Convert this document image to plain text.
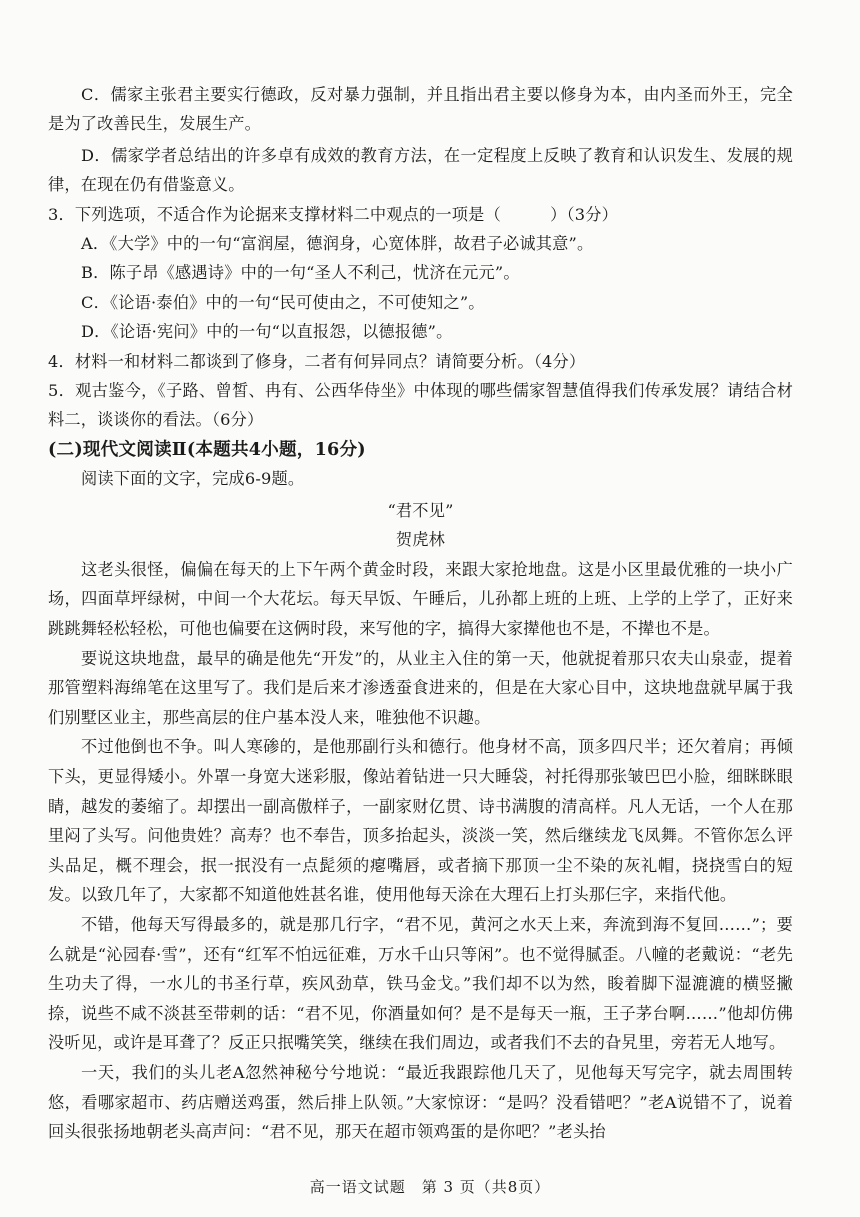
C．儒家主张君主要实行德政，反对暴力强制，并且指出君主要以修身为本，由内圣而外王，完全是为了改善民生，发展生产。

D．儒家学者总结出的许多卓有成效的教育方法，在一定程度上反映了教育和认识发生、发展的规律，在现在仍有借鉴意义。

3．下列选项，不适合作为论据来支撑材料二中观点的一项是（　　　）（3分）

A．《大学》中的一句“富润屋，德润身，心宽体胖，故君子必诚其意”。

B．陈子昂《感遇诗》中的一句“圣人不利己，忧济在元元”。

C．《论语·泰伯》中的一句“民可使由之，不可使知之”。

D．《论语·宪问》中的一句“以直报怨，以德报德”。

4．材料一和材料二都谈到了修身，二者有何异同点？请简要分析。（4分）

5．观古鉴今，《子路、曾皙、冉有、公西华侍坐》中体现的哪些儒家智慧值得我们传承发展？请结合材料二，谈谈你的看法。（6分）

(二)现代文阅读Ⅱ(本题共4小题，16分)

阅读下面的文字，完成6-9题。

“君不见”

贺虎林

这老头很怪，偏偏在每天的上下午两个黄金时段，来跟大家抢地盘。这是小区里最优雅的一块小广场，四面草坪绿树，中间一个大花坛。每天早饭、午睡后，儿孙都上班的上班、上学的上学了，正好来跳跳舞轻松轻松，可他也偏要在这俩时段，来写他的字，搞得大家撵他也不是，不撵也不是。

要说这块地盘，最早的确是他先“开发”的，从业主入住的第一天，他就捉着那只农夫山泉壶，提着那管塑料海绵笔在这里写了。我们是后来才渗透蚕食进来的，但是在大家心目中，这块地盘就早属于我们别墅区业主，那些高层的住户基本没人来，唯独他不识趣。

不过他倒也不争。叫人寒碜的，是他那副行头和德行。他身材不高，顶多四尺半；还欠着肩；再倾下头，更显得矮小。外罩一身宽大迷彩服，像站着钻进一只大睡袋，衬托得那张皱巴巴小脸，细眯眯眼睛，越发的萎缩了。却摆出一副高傲样子，一副家财亿贯、诗书满腹的清高样。凡人无话，一个人在那里闷了头写。问他贵姓？高寿？也不奉告，顶多抬起头，淡淡一笑，然后继续龙飞凤舞。不管你怎么评头品足，概不理会，抿一抿没有一点髭须的瘪嘴唇，或者摘下那顶一尘不染的灰礼帽，挠挠雪白的短发。以致几年了，大家都不知道他姓甚名谁，使用他每天涂在大理石上打头那仨字，来指代他。

不错，他每天写得最多的，就是那几行字，“君不见，黄河之水天上来，奔流到海不复回……”；要么就是“沁园春·雪”，还有“红军不怕远征难，万水千山只等闲”。也不觉得腻歪。八幢的老戴说：“老先生功夫了得，一水儿的书圣行草，疾风劲草，铁马金戈。”我们却不以为然，睃着脚下湿漉漉的横竖撇捺，说些不咸不淡甚至带刺的话：“君不见，你酒量如何？是不是每天一瓶，王子茅台啊……”他却仿佛没听见，或许是耳聋了？反正只抿嘴笑笑，继续在我们周边，或者我们不去的旮旯里，旁若无人地写。

一天，我们的头儿老A忽然神秘兮兮地说：“最近我跟踪他几天了，见他每天写完字，就去周围转悠，看哪家超市、药店赠送鸡蛋，然后排上队领。”大家惊讶：“是吗？没看错吧？”老A说错不了，说着回头很张扬地朝老头高声问：“君不见，那天在超市领鸡蛋的是你吧？”老头抬

高一语文试题　第 3 页（共8页）
